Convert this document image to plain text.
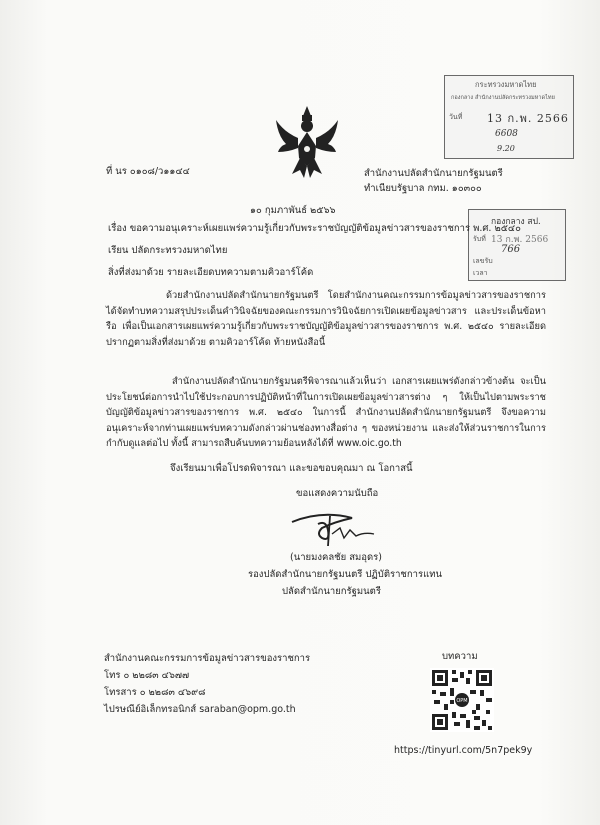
ที่ นร ๐๑๐๘/ว๑๑๔๔	สำนักงานปลัดสำนักนายกรัฐมนตรี
ทำเนียบรัฐบาล กทม. ๑๐๓๐๐
กระทรวงมหาดไทย
กองกลาง สำนักงานปลัดกระทรวงมหาดไทย
วันที่ 13 ก.พ. 2566
6608
9.20
กองกลาง สป.
รับที่ 13 ก.พ. 2566
766
เลขรับ
เวลา
๑๐ กุมภาพันธ์ ๒๕๖๖
เรื่อง ขอความอนุเคราะห์เผยแพร่ความรู้เกี่ยวกับพระราชบัญญัติข้อมูลข่าวสารของราชการ พ.ศ. ๒๕๔๐
เรียน ปลัดกระทรวงมหาดไทย
สิ่งที่ส่งมาด้วย รายละเอียดบทความตามคิวอาร์โค้ด
ด้วยสำนักงานปลัดสำนักนายกรัฐมนตรี โดยสำนักงานคณะกรรมการข้อมูลข่าวสารของราชการ ได้จัดทำบทความสรุปประเด็นคำวินิจฉัยของคณะกรรมการวินิจฉัยการเปิดเผยข้อมูลข่าวสาร และประเด็นข้อหารือ เพื่อเป็นเอกสารเผยแพร่ความรู้เกี่ยวกับพระราชบัญญัติข้อมูลข่าวสารของราชการ พ.ศ. ๒๕๔๐ รายละเอียดปรากฏตามสิ่งที่ส่งมาด้วย ตามคิวอาร์โค้ด ท้ายหนังสือนี้
สำนักงานปลัดสำนักนายกรัฐมนตรีพิจารณาแล้วเห็นว่า เอกสารเผยแพร่ดังกล่าวข้างต้น จะเป็นประโยชน์ต่อการนำไปใช้ประกอบการปฏิบัติหน้าที่ในการเปิดเผยข้อมูลข่าวสารต่าง ๆ ให้เป็นไปตามพระราชบัญญัติข้อมูลข่าวสารของราชการ พ.ศ. ๒๕๔๐ ในการนี้ สำนักงานปลัดสำนักนายกรัฐมนตรี จึงขอความอนุเคราะห์จากท่านเผยแพร่บทความดังกล่าวผ่านช่องทางสื่อต่าง ๆ ของหน่วยงาน และส่งให้ส่วนราชการในการกำกับดูแลต่อไป ทั้งนี้ สามารถสืบค้นบทความย้อนหลังได้ที่ www.oic.go.th
จึงเรียนมาเพื่อโปรดพิจารณา และขอขอบคุณมา ณ โอกาสนี้
ขอแสดงความนับถือ
(นายมงคลชัย สมอุดร)
รองปลัดสำนักนายกรัฐมนตรี ปฏิบัติราชการแทน
ปลัดสำนักนายกรัฐมนตรี
สำนักงานคณะกรรมการข้อมูลข่าวสารของราชการ
โทร ๐ ๒๒๘๓ ๔๖๗๗
โทรสาร ๐ ๒๒๘๓ ๔๖๙๘
ไปรษณีย์อิเล็กทรอนิกส์ saraban@opm.go.th
บทความ
OPM
https://tinyurl.com/5n7pek9y
